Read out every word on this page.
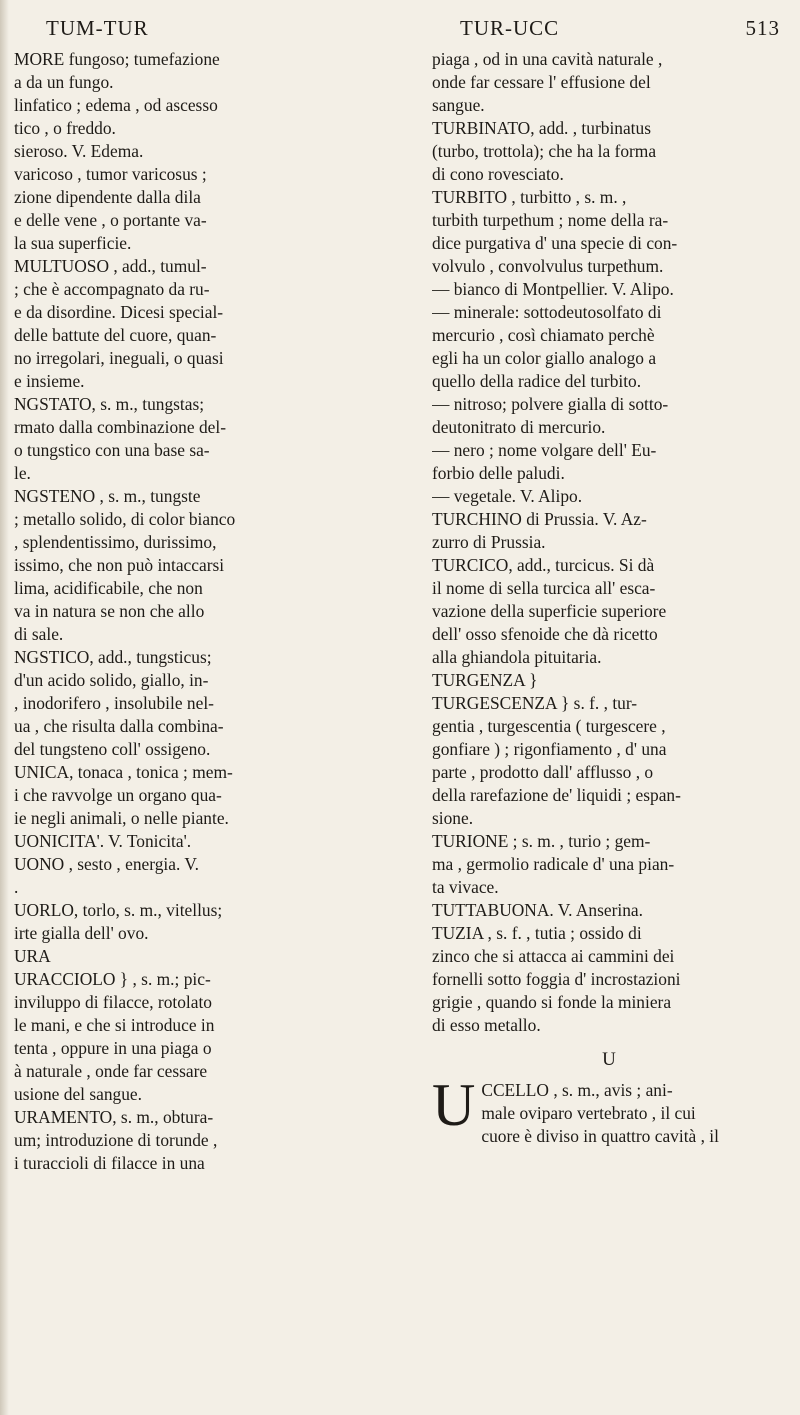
TUM-TUR
MORE fungoso; tumefazione
a da un fungo.
linfatico ; edema , od ascesso
tico , o freddo.
sieroso. V. Edema.
varicoso , tumor varicosus ;
zione dipendente dalla dila
e delle vene , o portante va-
la sua superficie.
MULTUOSO , add., tumul-
; che è accompagnato da ru-
e da disordine. Dicesi special-
delle battute del cuore, quan-
no irregolari, ineguali, o quasi
e insieme.
NGSTATO, s. m., tungstas;
rmato dalla combinazione del-
o tungstico con una base sa-
le.
NGSTENO , s. m., tungste
; metallo solido, di color bianco
, splendentissimo, durissimo,
issimo, che non può intaccarsi
lima, acidificabile, che non
va in natura se non che allo
di sale.
NGSTICO, add., tungsticus;
d'un acido solido, giallo, in-
, inodorifero , insolubile nel-
ua , che risulta dalla combina-
del tungsteno coll' ossigeno.
UNICA, tonaca , tonica ; mem-
i che ravvolge un organo qua-
ie negli animali, o nelle piante.
UONICITA'. V. Tonicita'.
UONO , sesto , energia. V.
.
UORLO, torlo, s. m., vitellus;
irte gialla dell' ovo.
URA
URACCIOLO } , s. m.; pic-
inviluppo di filacce, rotolato
le mani, e che si introduce in
tenta , oppure in una piaga o
à naturale , onde far cessare
usione del sangue.
URAMENTO, s. m., obtura-
um; introduzione di torunde ,
i turaccioli di filacce in una
TUR-UCC	513
piaga , od in una cavità naturale ,
onde far cessare l' effusione del
sangue.
TURBINATO, add. , turbinatus
(turbo, trottola); che ha la forma
di cono rovesciato.
TURBITO , turbitto , s. m. ,
turbith turpethum ; nome della ra-
dice purgativa d' una specie di con-
volvulo , convolvulus turpethum.
— bianco di Montpellier. V. Alipo.
— minerale: sottodeutosolfato di
mercurio , così chiamato perchè
egli ha un color giallo analogo a
quello della radice del turbito.
— nitroso; polvere gialla di sotto-
deutonitrato di mercurio.
— nero ; nome volgare dell' Eu-
forbio delle paludi.
— vegetale. V. Alipo.
TURCHINO di Prussia. V. Az-
zurro di Prussia.
TURCICO, add., turcicus. Si dà
il nome di sella turcica all' esca-
vazione della superficie superiore
dell' osso sfenoide che dà ricetto
alla ghiandola pituitaria.
TURGENZA }
TURGESCENZA } s. f. , tur-
gentia , turgescentia ( turgescere ,
gonfiare ) ; rigonfiamento , d' una
parte , prodotto dall' afflusso , o
della rarefazione de' liquidi ; espan-
sione.
TURIONE ; s. m. , turio ; gem-
ma , germolio radicale d' una pian-
ta vivace.
TUTTABUONA. V. Anserina.
TUZIA , s. f. , tutia ; ossido di
zinco che si attacca ai cammini dei
fornelli sotto foggia d' incrostazioni
grigie , quando si fonde la miniera
di esso metallo.
U
U CCELLO , s. m., avis ; ani-
male oviparo vertebrato , il cui
cuore è diviso in quattro cavità , il
